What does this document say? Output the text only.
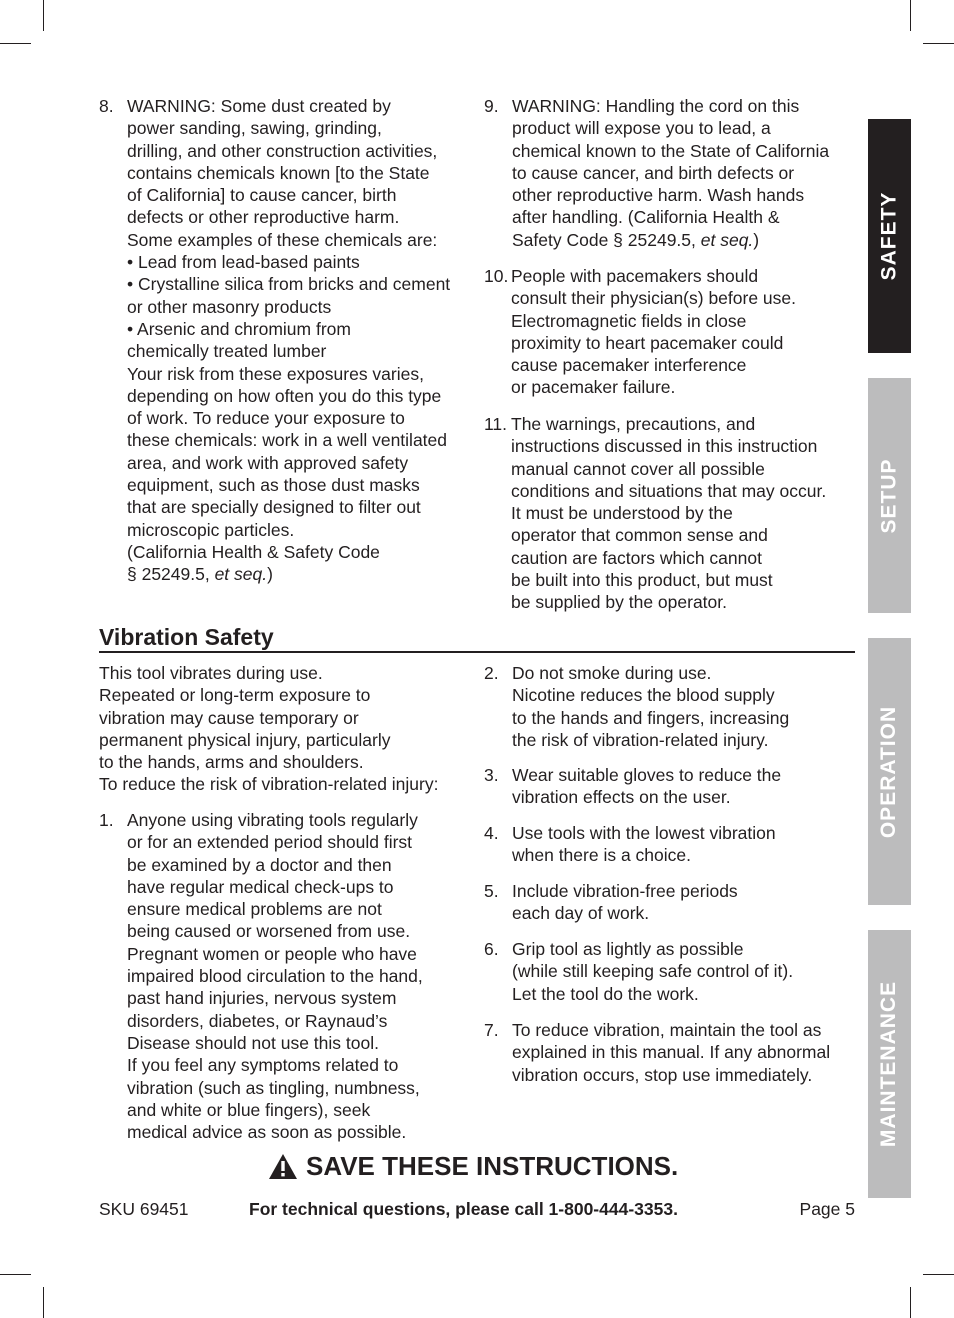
SAFETY
SETUP
OPERATION
MAINTENANCE
8. WARNING: Some dust created by
power sanding, sawing, grinding,
drilling, and other construction activities,
contains chemicals known [to the State
of California] to cause cancer, birth
defects or other reproductive harm.
Some examples of these chemicals are:
• Lead from lead-based paints
• Crystalline silica from bricks and cement
or other masonry products
• Arsenic and chromium from
chemically treated lumber
Your risk from these exposures varies,
depending on how often you do this type
of work. To reduce your exposure to
these chemicals: work in a well ventilated
area, and work with approved safety
equipment, such as those dust masks
that are specially designed to filter out
microscopic particles.
(California Health & Safety Code
§ 25249.5, et seq.)
9. WARNING: Handling the cord on this
product will expose you to lead, a
chemical known to the State of California
to cause cancer, and birth defects or
other reproductive harm. Wash hands
after handling. (California Health &
Safety Code § 25249.5, et seq.)
10. People with pacemakers should
consult their physician(s) before use.
Electromagnetic fields in close
proximity to heart pacemaker could
cause pacemaker interference
or pacemaker failure.
11. The warnings, precautions, and
instructions discussed in this instruction
manual cannot cover all possible
conditions and situations that may occur.
It must be understood by the
operator that common sense and
caution are factors which cannot
be built into this product, but must
be supplied by the operator.
Vibration Safety
This tool vibrates during use.
Repeated or long-term exposure to
vibration may cause temporary or
permanent physical injury, particularly
to the hands, arms and shoulders.
To reduce the risk of vibration-related injury:
1. Anyone using vibrating tools regularly
or for an extended period should first
be examined by a doctor and then
have regular medical check-ups to
ensure medical problems are not
being caused or worsened from use.
Pregnant women or people who have
impaired blood circulation to the hand,
past hand injuries, nervous system
disorders, diabetes, or Raynaud’s
Disease should not use this tool.
If you feel any symptoms related to
vibration (such as tingling, numbness,
and white or blue fingers), seek
medical advice as soon as possible.
2. Do not smoke during use.
Nicotine reduces the blood supply
to the hands and fingers, increasing
the risk of vibration-related injury.
3. Wear suitable gloves to reduce the
vibration effects on the user.
4. Use tools with the lowest vibration
when there is a choice.
5. Include vibration-free periods
each day of work.
6. Grip tool as lightly as possible
(while still keeping safe control of it).
Let the tool do the work.
7. To reduce vibration, maintain the tool as
explained in this manual. If any abnormal
vibration occurs, stop use immediately.
SAVE THESE INSTRUCTIONS.
SKU 69451	For technical questions, please call 1-800-444-3353.	Page 5
